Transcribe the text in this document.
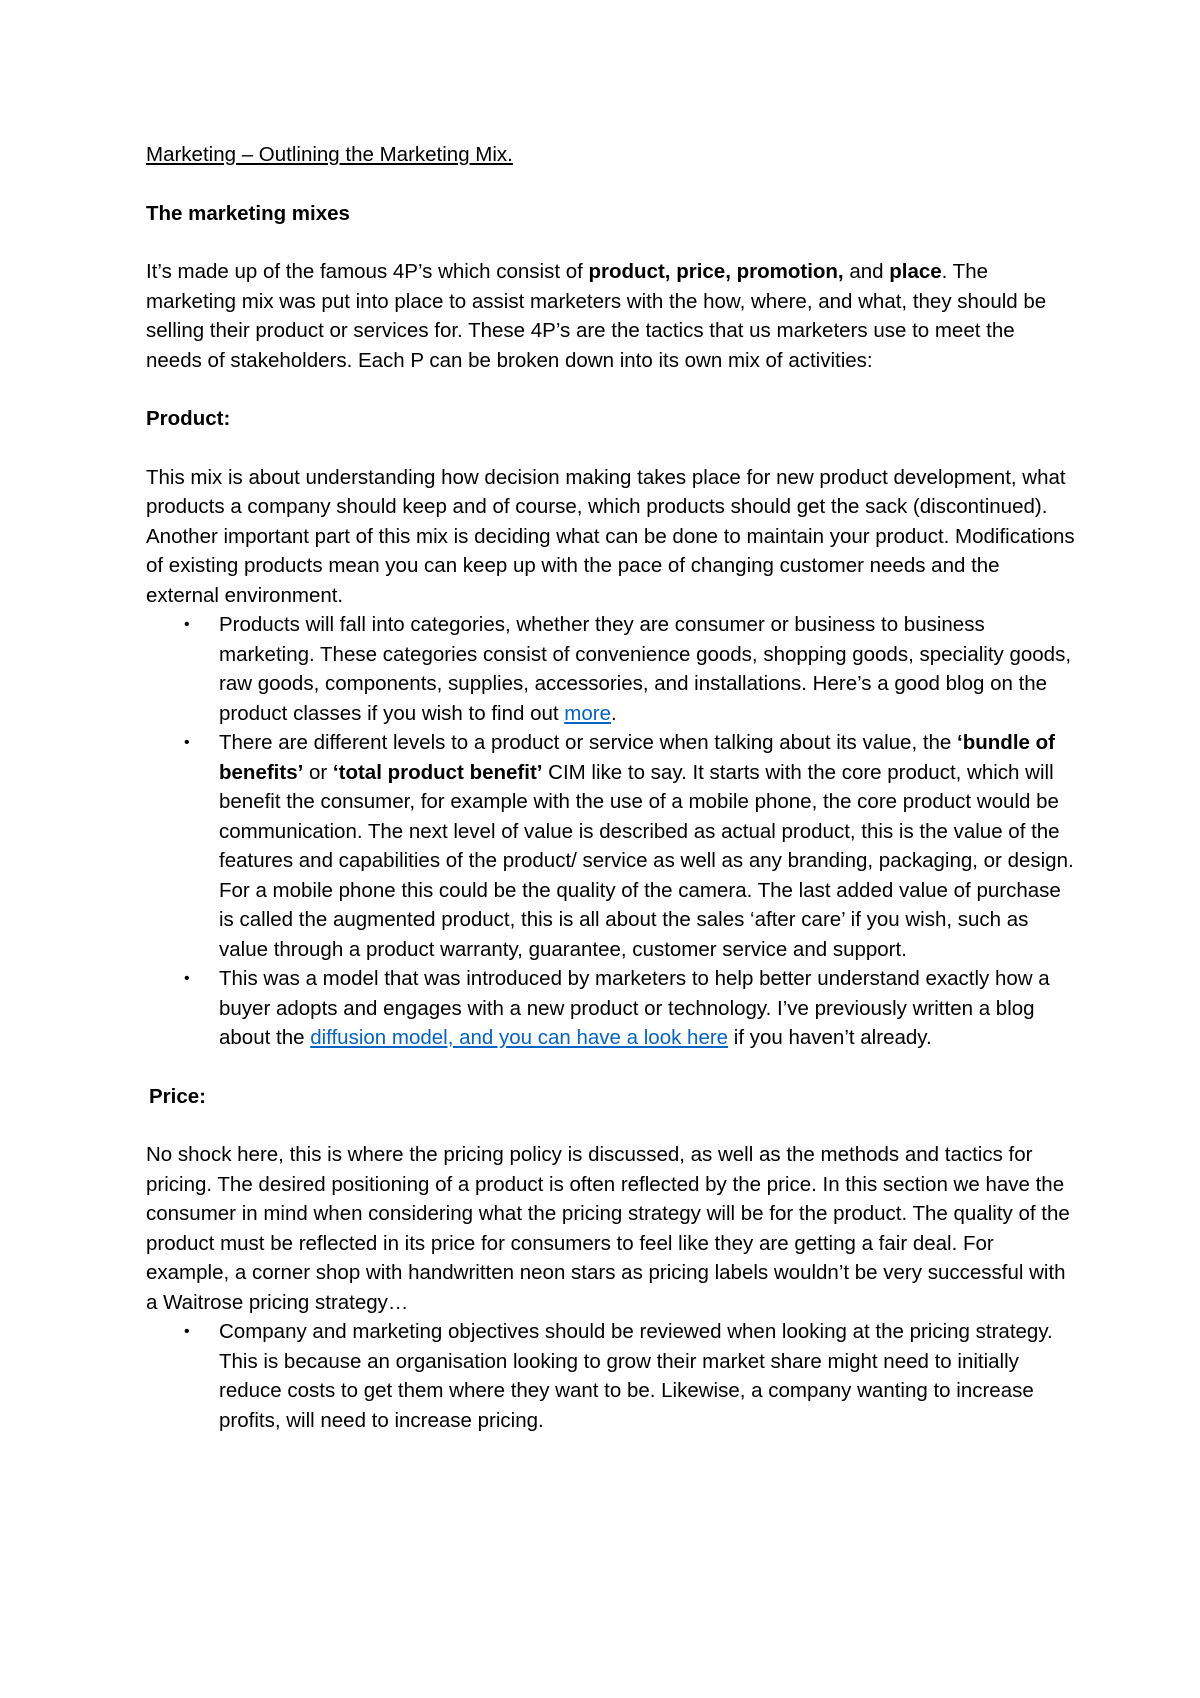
Marketing – Outlining the Marketing Mix.

The marketing mixes

It’s made up of the famous 4P’s which consist of product, price, promotion, and place. The marketing mix was put into place to assist marketers with the how, where, and what, they should be selling their product or services for. These 4P’s are the tactics that us marketers use to meet the needs of stakeholders. Each P can be broken down into its own mix of activities:

Product:

This mix is about understanding how decision making takes place for new product development, what products a company should keep and of course, which products should get the sack (discontinued). Another important part of this mix is deciding what can be done to maintain your product. Modifications of existing products mean you can keep up with the pace of changing customer needs and the external environment.

• Products will fall into categories, whether they are consumer or business to business marketing. These categories consist of convenience goods, shopping goods, speciality goods, raw goods, components, supplies, accessories, and installations. Here’s a good blog on the product classes if you wish to find out more.
• There are different levels to a product or service when talking about its value, the ‘bundle of benefits’ or ‘total product benefit’ CIM like to say. It starts with the core product, which will benefit the consumer, for example with the use of a mobile phone, the core product would be communication. The next level of value is described as actual product, this is the value of the features and capabilities of the product/ service as well as any branding, packaging, or design. For a mobile phone this could be the quality of the camera. The last added value of purchase is called the augmented product, this is all about the sales ‘after care’ if you wish, such as value through a product warranty, guarantee, customer service and support.
• This was a model that was introduced by marketers to help better understand exactly how a buyer adopts and engages with a new product or technology. I’ve previously written a blog about the diffusion model, and you can have a look here if you haven’t already.

Price:

No shock here, this is where the pricing policy is discussed, as well as the methods and tactics for pricing. The desired positioning of a product is often reflected by the price. In this section we have the consumer in mind when considering what the pricing strategy will be for the product. The quality of the product must be reflected in its price for consumers to feel like they are getting a fair deal. For example, a corner shop with handwritten neon stars as pricing labels wouldn’t be very successful with a Waitrose pricing strategy…

• Company and marketing objectives should be reviewed when looking at the pricing strategy. This is because an organisation looking to grow their market share might need to initially reduce costs to get them where they want to be. Likewise, a company wanting to increase profits, will need to increase pricing.
